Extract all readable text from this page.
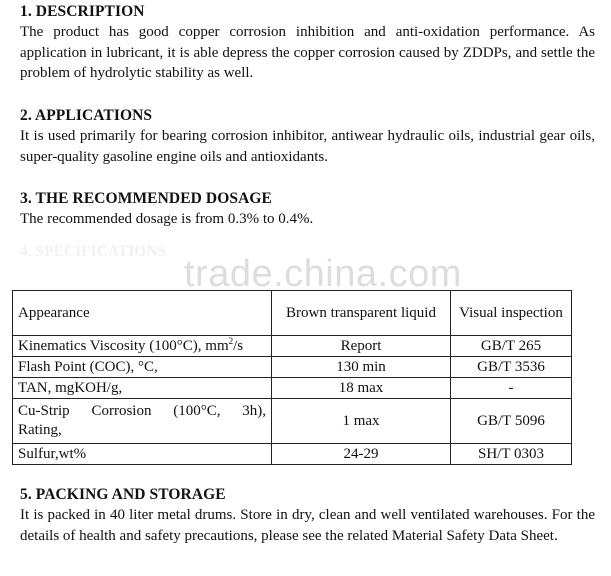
1. DESCRIPTION
The product has good copper corrosion inhibition and anti-oxidation performance. As application in lubricant, it is able depress the copper corrosion caused by ZDDPs, and settle the problem of hydrolytic stability as well.
2. APPLICATIONS
It is used primarily for bearing corrosion inhibitor, antiwear hydraulic oils, industrial gear oils, super-quality gasoline engine oils and antioxidants.
3. THE RECOMMENDED DOSAGE
The recommended dosage is from 0.3% to 0.4%.
4. SPECIFICATIONS
trade.china.com
Appearance	Brown transparent liquid	Visual inspection
Kinematics Viscosity (100°C), $mm^2/s$	Report	GB/T 265
Flash Point (COC), °C,	130 min	GB/T 3536
TAN, mgKOH/g,	18 max	-

Cu-Strip Corrosion (100°C, 3h),
Rating,	1 max	GB/T 5096
Sulfur,wt%	24-29	SH/T 0303
5. PACKING AND STORAGE
It is packed in 40 liter metal drums. Store in dry, clean and well ventilated warehouses. For the details of health and safety precautions, please see the related Material Safety Data Sheet.
